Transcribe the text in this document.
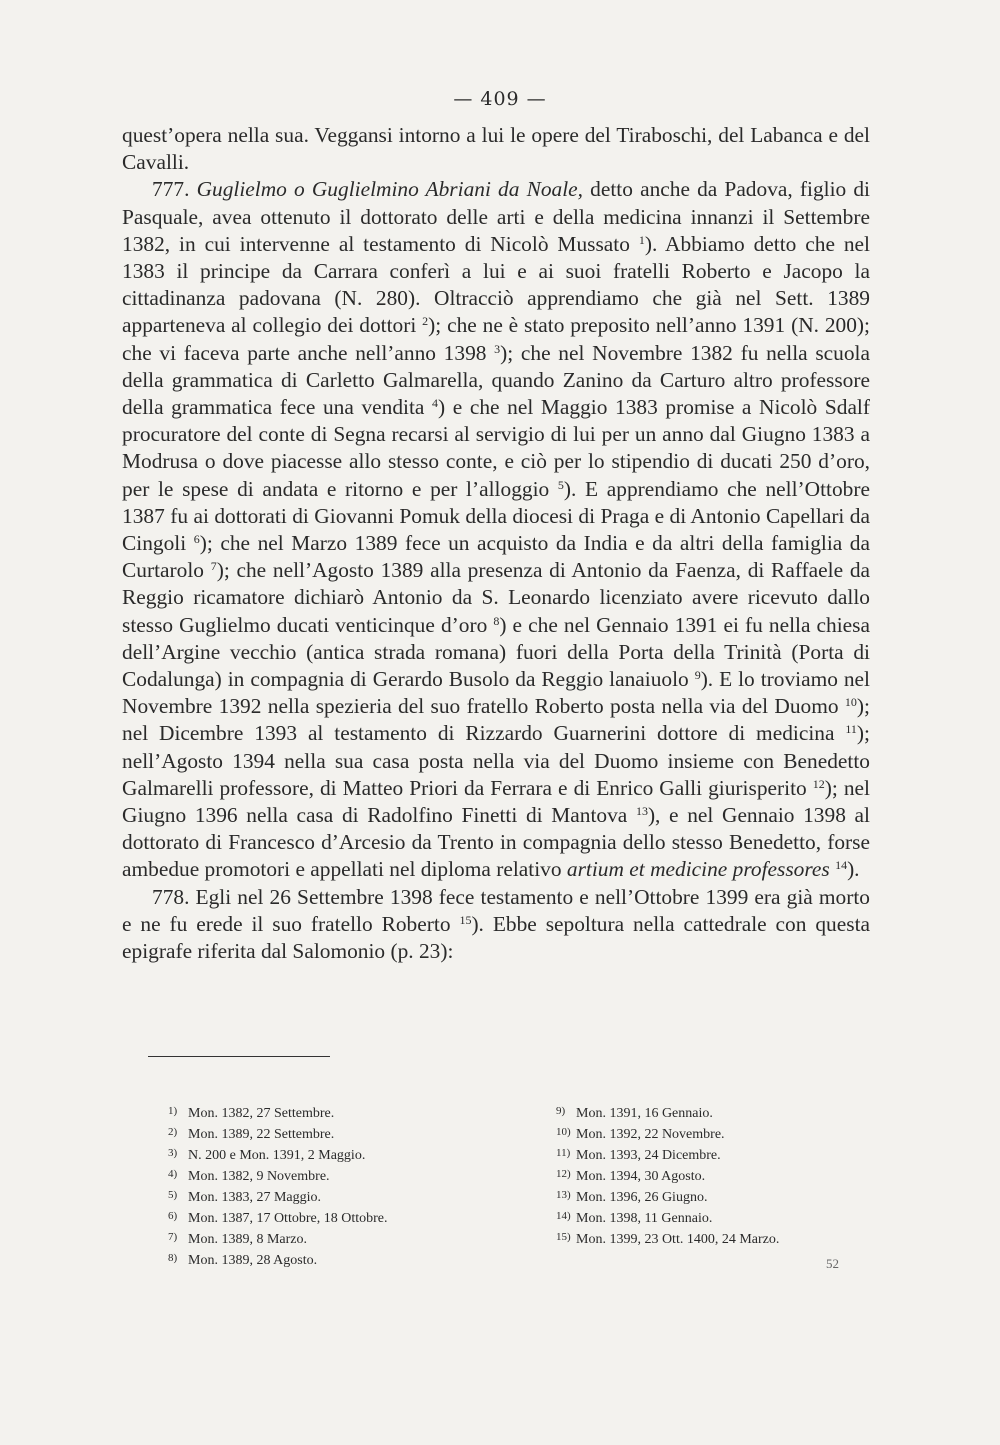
— 409 —

quest’opera nella sua. Veggansi intorno a lui le opere del Tiraboschi, del Labanca e del Cavalli.

777. Guglielmo o Guglielmino Abriani da Noale, detto anche da Padova, figlio di Pasquale, avea ottenuto il dottorato delle arti e della medicina innanzi il Settembre 1382, in cui intervenne al testamento di Nicolò Mussato $^1$). Abbiamo detto che nel 1383 il principe da Carrara conferì a lui e ai suoi fratelli Roberto e Jacopo la cittadinanza padovana (N. 280). Oltracciò apprendiamo che già nel Sett. 1389 apparteneva al collegio dei dottori $^2$); che ne è stato preposito nell’anno 1391 (N. 200); che vi faceva parte anche nell’anno 1398 $^3$); che nel Novembre 1382 fu nella scuola della grammatica di Carletto Galmarella, quando Zanino da Carturo altro professore della grammatica fece una vendita $^4$) e che nel Maggio 1383 promise a Nicolò Sdalf procuratore del conte di Segna recarsi al servigio di lui per un anno dal Giugno 1383 a Modrusa o dove piacesse allo stesso conte, e ciò per lo stipendio di ducati 250 d’oro, per le spese di andata e ritorno e per l’alloggio $^5$). E apprendiamo che nell’Ottobre 1387 fu ai dottorati di Giovanni Pomuk della diocesi di Praga e di Antonio Capellari da Cingoli $^6$); che nel Marzo 1389 fece un acquisto da India e da altri della famiglia da Curtarolo $^7$); che nell’Agosto 1389 alla presenza di Antonio da Faenza, di Raffaele da Reggio ricamatore dichiarò Antonio da S. Leonardo licenziato avere ricevuto dallo stesso Guglielmo ducati venticinque d’oro $^8$) e che nel Gennaio 1391 ei fu nella chiesa dell’Argine vecchio (antica strada romana) fuori della Porta della Trinità (Porta di Codalunga) in compagnia di Gerardo Busolo da Reggio lanaiuolo $^9$). E lo troviamo nel Novembre 1392 nella spezieria del suo fratello Roberto posta nella via del Duomo $^{10}$); nel Dicembre 1393 al testamento di Rizzardo Guarnerini dottore di medicina $^{11}$); nell’Agosto 1394 nella sua casa posta nella via del Duomo insieme con Benedetto Galmarelli professore, di Matteo Priori da Ferrara e di Enrico Galli giurisperito $^{12}$); nel Giugno 1396 nella casa di Radolfino Finetti di Mantova $^{13}$), e nel Gennaio 1398 al dottorato di Francesco d’Arcesio da Trento in compagnia dello stesso Benedetto, forse ambedue promotori e appellati nel diploma relativo artium et medicine professores $^{14}$).

778. Egli nel 26 Settembre 1398 fece testamento e nell’Ottobre 1399 era già morto e ne fu erede il suo fratello Roberto $^{15}$). Ebbe sepoltura nella cattedrale con questa epigrafe riferita dal Salomonio (p. 23):

1) Mon. 1382, 27 Settembre.
2) Mon. 1389, 22 Settembre.
3) N. 200 e Mon. 1391, 2 Maggio.
4) Mon. 1382, 9 Novembre.
5) Mon. 1383, 27 Maggio.
6) Mon. 1387, 17 Ottobre, 18 Ottobre.
7) Mon. 1389, 8 Marzo.
8) Mon. 1389, 28 Agosto.
9) Mon. 1391, 16 Gennaio.
10) Mon. 1392, 22 Novembre.
11) Mon. 1393, 24 Dicembre.
12) Mon. 1394, 30 Agosto.
13) Mon. 1396, 26 Giugno.
14) Mon. 1398, 11 Gennaio.
15) Mon. 1399, 23 Ott. 1400, 24 Marzo.
52
